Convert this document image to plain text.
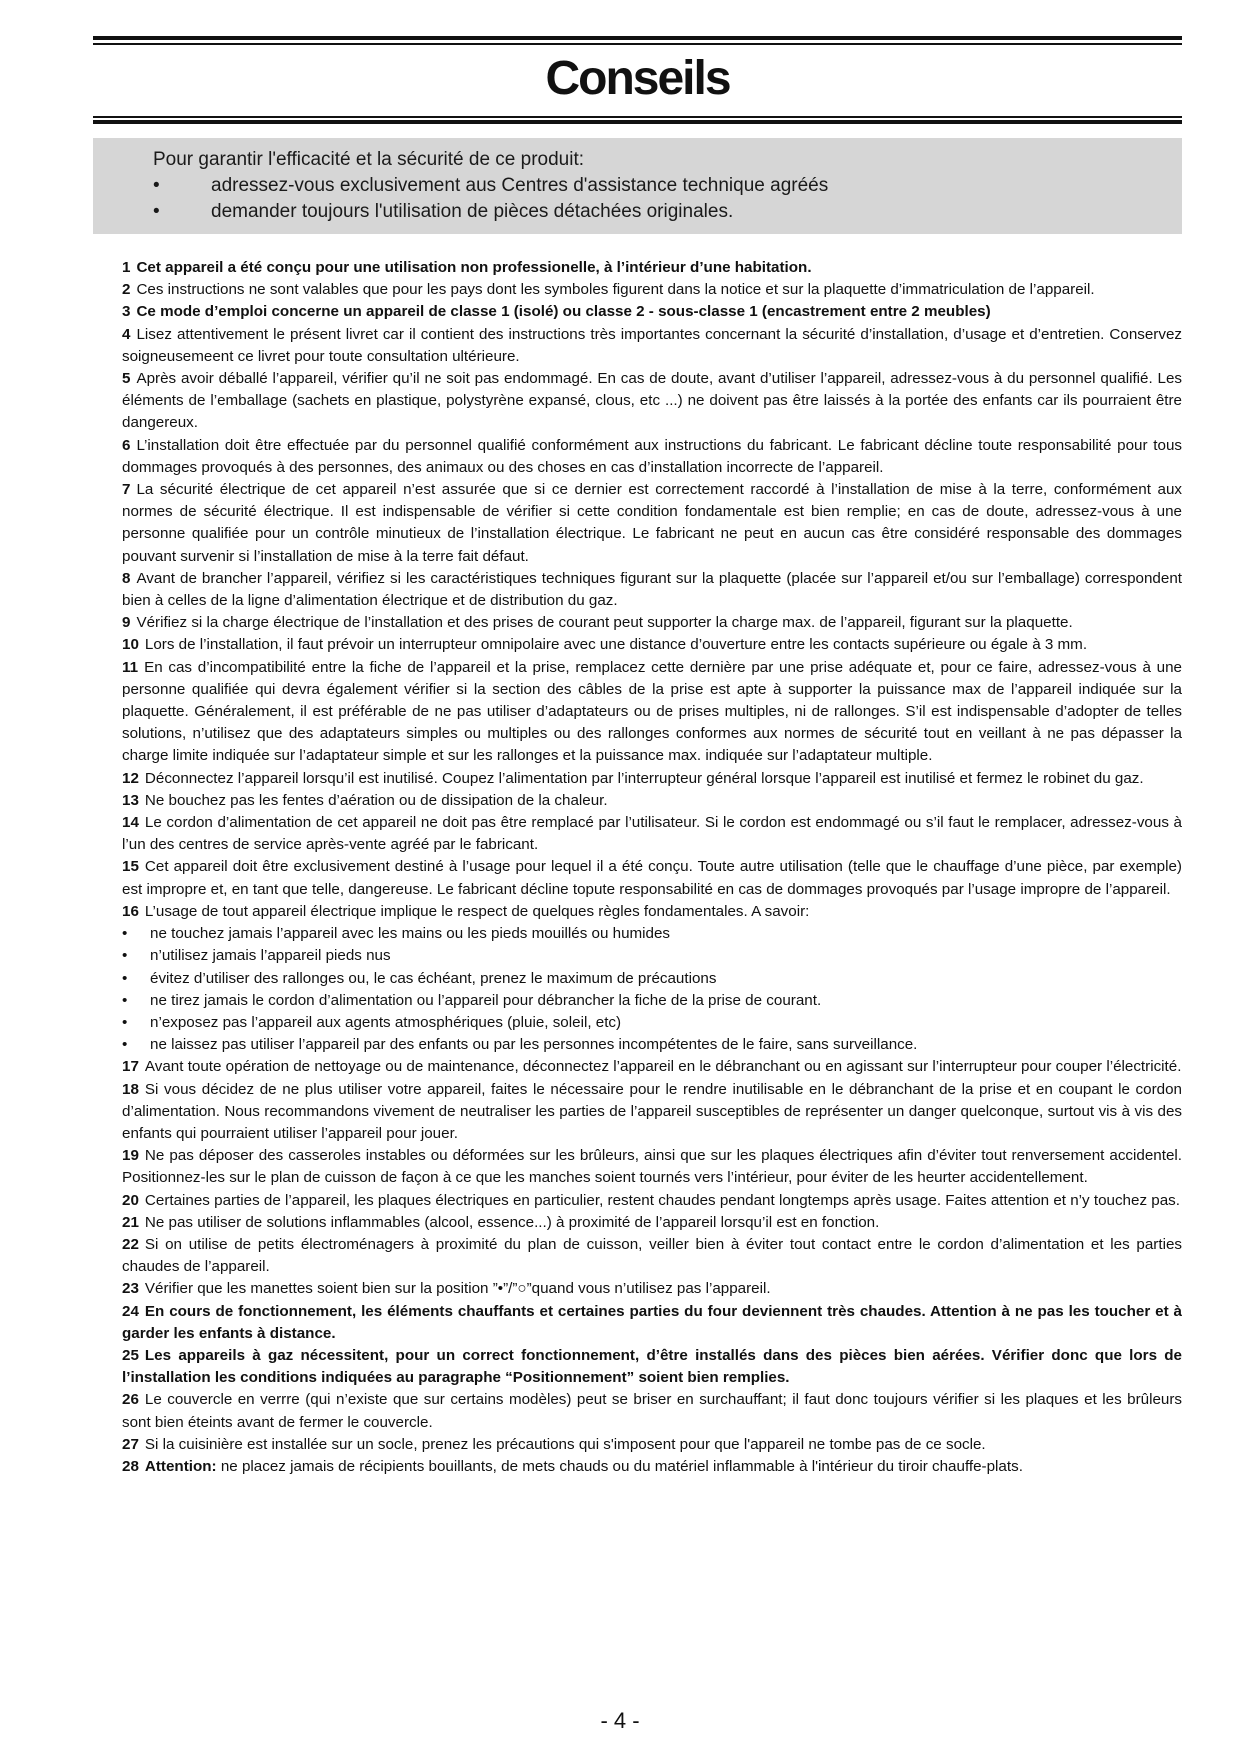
Conseils
Pour garantir l'efficacité et la sécurité de ce produit:
•	adressez-vous exclusivement aus Centres d'assistance technique agréés
•	demander toujours l'utilisation de pièces détachées originales.

1 Cet appareil a été conçu pour une utilisation non professionelle, à l’intérieur d’une habitation.

2 Ces instructions ne sont valables que pour les pays dont les symboles figurent dans la notice et sur la plaquette d’immatriculation de l’appareil.

3 Ce mode d’emploi concerne un appareil de classe 1 (isolé) ou classe 2 - sous-classe 1 (encastrement entre 2 meubles)

4 Lisez attentivement le présent livret car il contient des instructions très importantes concernant la sécurité d’installation, d’usage et d’entretien. Conservez soigneusemeent ce livret pour toute consultation ultérieure.

5 Après avoir déballé l’appareil, vérifier qu’il ne soit pas endommagé. En cas de doute, avant d’utiliser l’appareil, adressez-vous à du personnel qualifié. Les éléments de l’emballage (sachets en plastique, polystyrène expansé, clous, etc ...) ne doivent pas être laissés à la portée des enfants car ils pourraient être dangereux.

6 L’installation doit être effectuée par du personnel qualifié conformément aux instructions du fabricant. Le fabricant décline toute responsabilité pour tous dommages provoqués à des personnes, des animaux ou des choses en cas d’installation incorrecte de l’appareil.

7 La sécurité électrique de cet appareil n’est assurée que si ce dernier est correctement raccordé à l’installation de mise à la terre, conformément aux normes de sécurité électrique. Il est indispensable de vérifier si cette condition fondamentale est bien remplie; en cas de doute, adressez-vous à une personne qualifiée pour un contrôle minutieux de l’installation électrique. Le fabricant ne peut en aucun cas être considéré responsable des dommages pouvant survenir si l’installation de mise à la terre fait défaut.

8 Avant de brancher l’appareil, vérifiez si les caractéristiques techniques figurant sur la plaquette (placée sur l’appareil et/ou sur l’emballage) correspondent bien à celles de la ligne d’alimentation électrique et de distribution du gaz.

9 Vérifiez si la charge électrique de l’installation et des prises de courant peut supporter la charge max. de l’appareil, figurant sur la plaquette.

10 Lors de l’installation, il faut prévoir un interrupteur omnipolaire avec une distance d’ouverture entre les contacts supérieure ou égale à 3 mm.

11 En cas d’incompatibilité entre la fiche de l’appareil et la prise, remplacez cette dernière par une prise adéquate et, pour ce faire, adressez-vous à une personne qualifiée qui devra également vérifier si la section des câbles de la prise est apte à supporter la puissance max de l’appareil indiquée sur la plaquette. Généralement, il est préférable de ne pas utiliser d’adaptateurs ou de prises multiples, ni de rallonges. S’il est indispensable d’adopter de telles solutions, n’utilisez que des adaptateurs simples ou multiples ou des rallonges conformes aux normes de sécurité tout en veillant à ne pas dépasser la charge limite indiquée sur l’adaptateur simple et sur les rallonges et la puissance max. indiquée sur l’adaptateur multiple.

12 Déconnectez l’appareil lorsqu’il est inutilisé. Coupez l’alimentation par l’interrupteur général lorsque l’appareil est inutilisé et fermez le robinet du gaz.

13 Ne bouchez pas les fentes d’aération ou de dissipation de la chaleur.

14 Le cordon d’alimentation de cet appareil ne doit pas être remplacé par l’utilisateur. Si le cordon est endommagé ou s’il faut le remplacer, adressez-vous à l’un des centres de service après-vente agréé par le fabricant.

15 Cet appareil doit être exclusivement destiné à l’usage pour lequel il a été conçu. Toute autre utilisation (telle que le chauffage d’une pièce, par exemple) est impropre et, en tant que telle, dangereuse. Le fabricant décline topute responsabilité en cas de dommages provoqués par l’usage impropre de l’appareil.

16 L’usage de tout appareil électrique implique le respect de quelques règles fondamentales. A savoir:

• ne touchez jamais l’appareil avec les mains ou les pieds mouillés ou humides
• n’utilisez jamais l’appareil pieds nus
• évitez d’utiliser des rallonges ou, le cas échéant, prenez le maximum de précautions
• ne tirez jamais le cordon d’alimentation ou l’appareil pour débrancher la fiche de la prise de courant.
• n’exposez pas l’appareil aux agents atmosphériques (pluie, soleil, etc)
• ne laissez pas utiliser l’appareil par des enfants ou par les personnes incompétentes de le faire, sans surveillance.

17 Avant toute opération de nettoyage ou de maintenance, déconnectez l’appareil en le débranchant ou en agissant sur l’interrupteur pour couper l’électricité.

18 Si vous décidez de ne plus utiliser votre appareil, faites le nécessaire pour le rendre inutilisable en le débranchant de la prise et en coupant le cordon d’alimentation. Nous recommandons vivement de neutraliser les parties de l’appareil susceptibles de représenter un danger quelconque, surtout vis à vis des enfants qui pourraient utiliser l’appareil pour jouer.

19 Ne pas déposer des casseroles instables ou déformées sur les brûleurs, ainsi que sur les plaques électriques afin d’éviter tout renversement accidentel. Positionnez-les sur le plan de cuisson de façon à ce que les manches soient tournés vers l’intérieur, pour éviter de les heurter accidentellement.

20 Certaines parties de l’appareil, les plaques électriques en particulier, restent chaudes pendant longtemps après usage. Faites attention et n’y touchez pas.

21 Ne pas utiliser de solutions inflammables (alcool, essence...) à proximité de l’appareil lorsqu’il est en fonction.

22 Si on utilise de petits électroménagers à proximité du plan de cuisson, veiller bien à éviter tout contact entre le cordon d’alimentation et les parties chaudes de l’appareil.

23 Vérifier que les manettes soient bien sur la position ”•”/”○”quand vous n’utilisez pas l’appareil.

24 En cours de fonctionnement, les éléments chauffants et certaines parties du four deviennent très chaudes. Attention à ne pas les toucher et à garder les enfants à distance.

25 Les appareils à gaz nécessitent, pour un correct fonctionnement, d’être installés dans des pièces bien aérées. Vérifier donc que lors de l’installation les conditions indiquées au paragraphe “Positionnement” soient bien remplies.

26 Le couvercle en verrre (qui n’existe que sur certains modèles) peut se briser en surchauffant; il faut donc toujours vérifier si les plaques et les brûleurs sont bien éteints avant de fermer le couvercle.

27 Si la cuisinière est installée sur un socle, prenez les précautions qui s'imposent pour que l'appareil ne tombe pas de ce socle.

28 Attention: ne placez jamais de récipients bouillants, de mets chauds ou du matériel inflammable à l'intérieur du tiroir chauffe-plats.

- 4 -
